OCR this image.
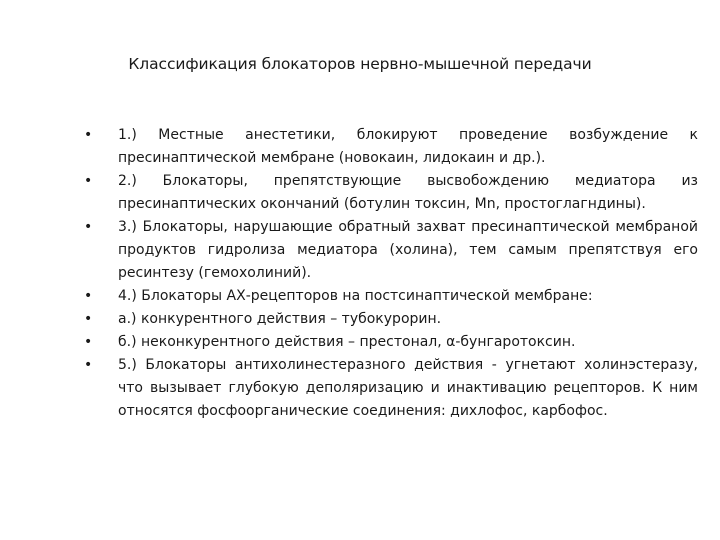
Классификация блокаторов нервно-мышечной передачи
• 1.) Местные анестетики, блокируют проведение возбуждение к пресинаптической мембране (новокаин, лидокаин и др.).
• 2.) Блокаторы, препятствующие высвобождению медиатора из пресинаптических окончаний (ботулин токсин, Mn, простоглагндины).
• 3.) Блокаторы, нарушающие обратный захват пресинаптической мембраной продуктов гидролиза медиатора (холина), тем самым препятствуя его ресинтезу (гемохолиний).
• 4.) Блокаторы АХ-рецепторов на постсинаптической мембране:
• а.) конкурентного действия – тубокурорин.
• б.) неконкурентного действия – престонал, α-бунгаротоксин.
• 5.) Блокаторы антихолинестеразного действия - угнетают холинэстеразу, что вызывает глубокую деполяризацию и инактивацию рецепторов. К ним относятся фосфоорганические соединения: дихлофос, карбофос.
